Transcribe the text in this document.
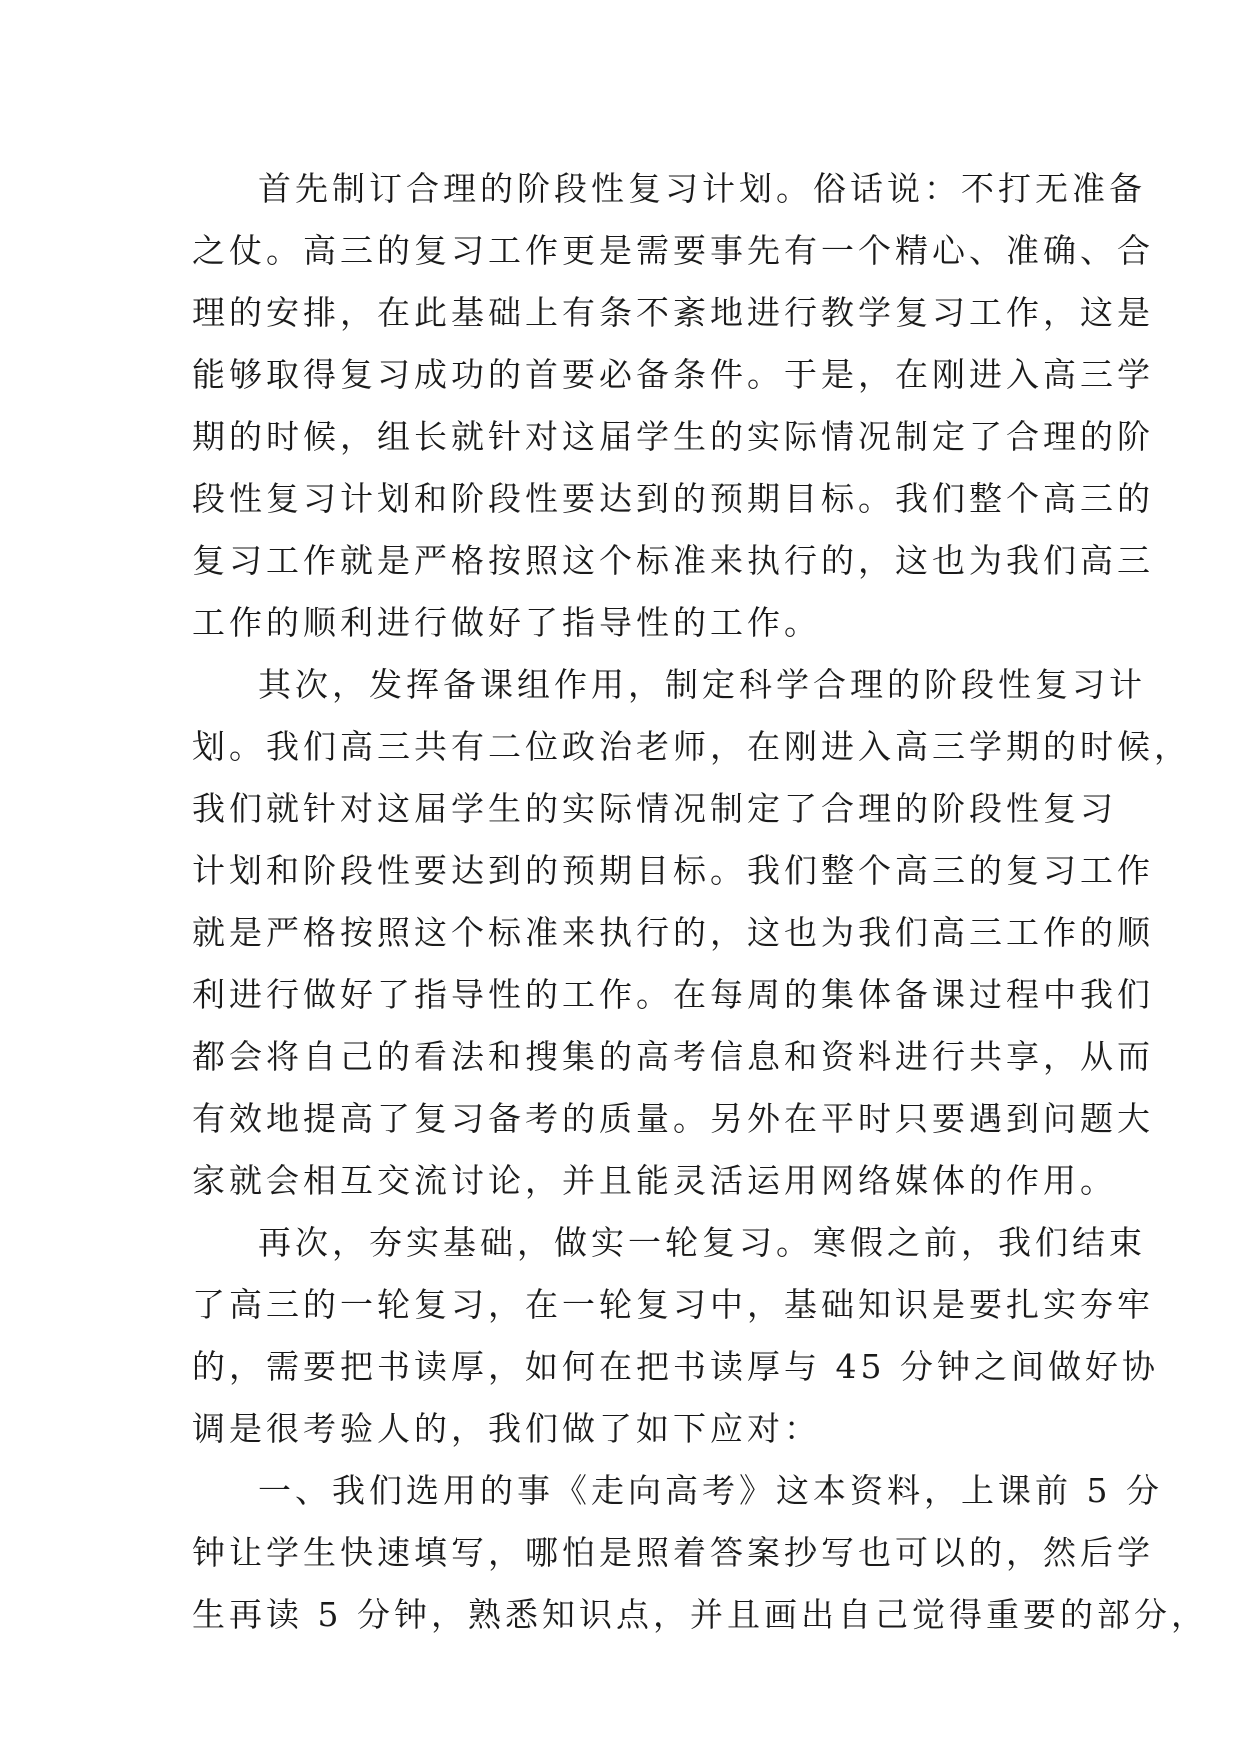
首先制订合理的阶段性复习计划。俗话说：不打无准备
之仗。高三的复习工作更是需要事先有一个精心、准确、合
理的安排，在此基础上有条不紊地进行教学复习工作，这是
能够取得复习成功的首要必备条件。于是，在刚进入高三学
期的时候，组长就针对这届学生的实际情况制定了合理的阶
段性复习计划和阶段性要达到的预期目标。我们整个高三的
复习工作就是严格按照这个标准来执行的，这也为我们高三
工作的顺利进行做好了指导性的工作。
其次，发挥备课组作用，制定科学合理的阶段性复习计
划。我们高三共有二位政治老师，在刚进入高三学期的时候，
我们就针对这届学生的实际情况制定了合理的阶段性复习
计划和阶段性要达到的预期目标。我们整个高三的复习工作
就是严格按照这个标准来执行的，这也为我们高三工作的顺
利进行做好了指导性的工作。在每周的集体备课过程中我们
都会将自己的看法和搜集的高考信息和资料进行共享，从而
有效地提高了复习备考的质量。另外在平时只要遇到问题大
家就会相互交流讨论，并且能灵活运用网络媒体的作用。
再次，夯实基础，做实一轮复习。寒假之前，我们结束
了高三的一轮复习，在一轮复习中，基础知识是要扎实夯牢
的，需要把书读厚，如何在把书读厚与 45 分钟之间做好协
调是很考验人的，我们做了如下应对：
一、我们选用的事《走向高考》这本资料，上课前 5 分
钟让学生快速填写，哪怕是照着答案抄写也可以的，然后学
生再读 5 分钟，熟悉知识点，并且画出自己觉得重要的部分，
